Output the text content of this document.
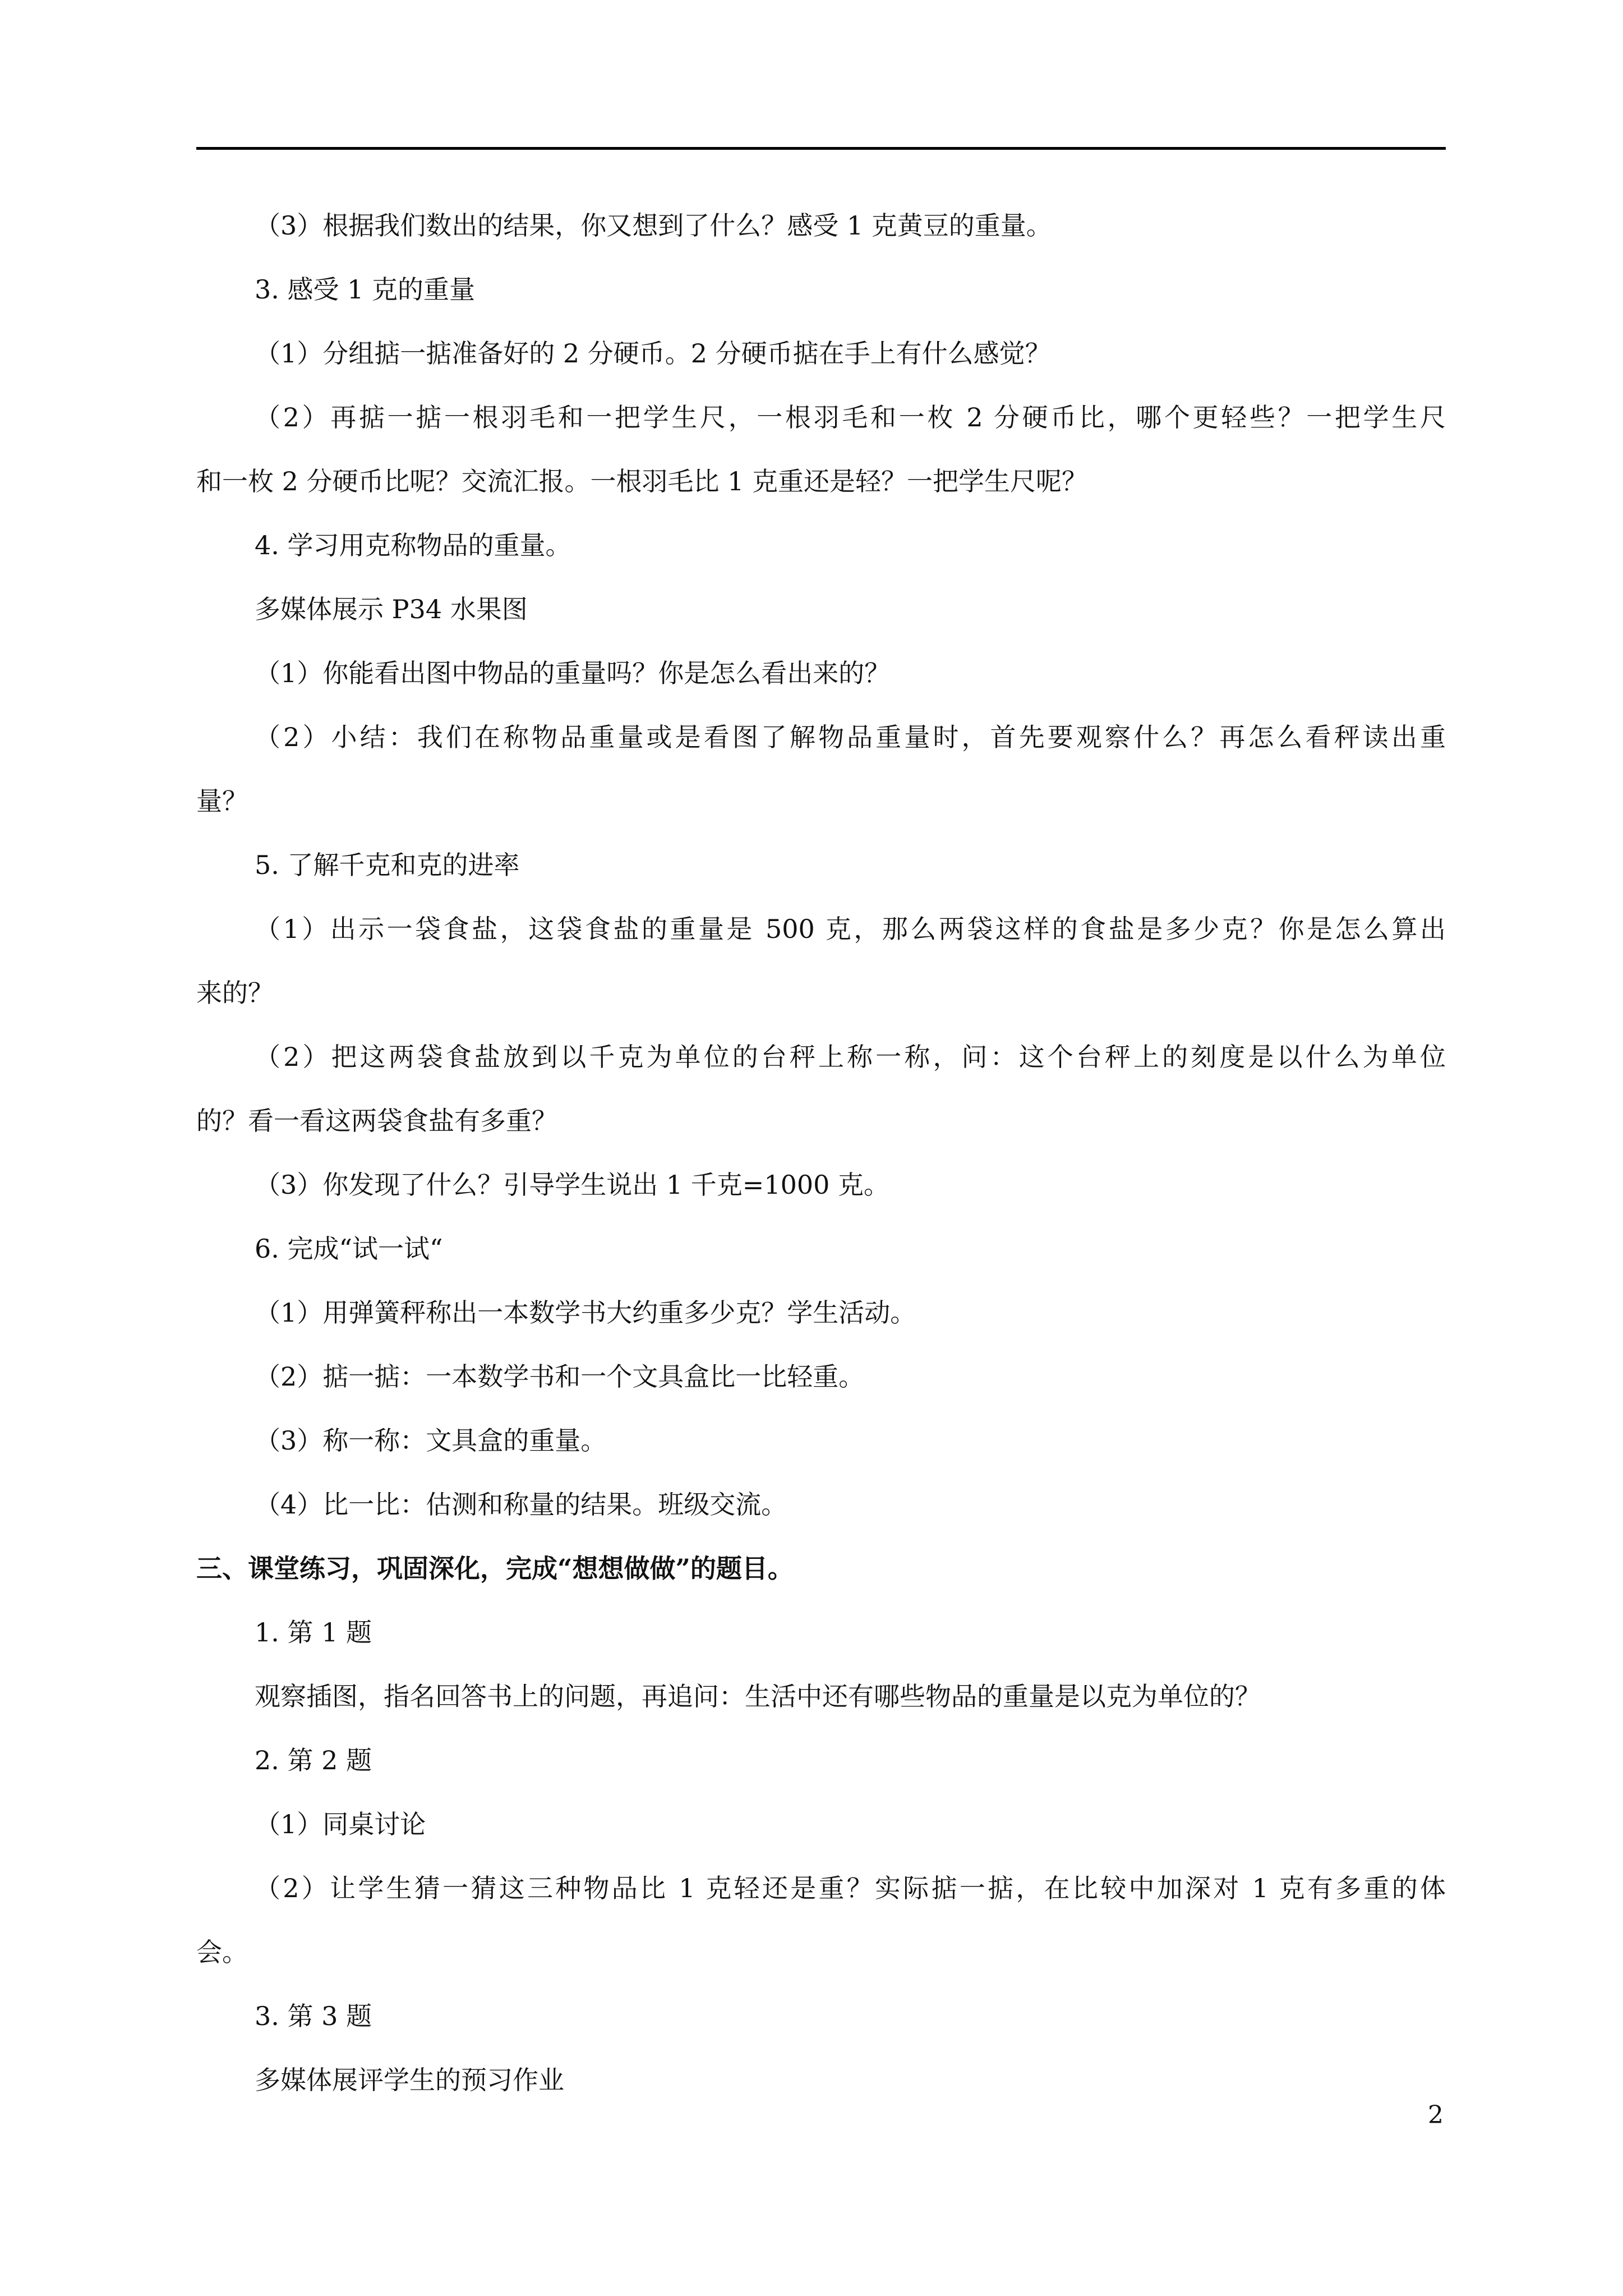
（3）根据我们数出的结果，你又想到了什么？感受 1 克黄豆的重量。
3. 感受 1 克的重量
（1）分组掂一掂准备好的 2 分硬币。2 分硬币掂在手上有什么感觉？
（2）再掂一掂一根羽毛和一把学生尺，一根羽毛和一枚 2 分硬币比，哪个更轻些？一把学生尺
和一枚 2 分硬币比呢？交流汇报。一根羽毛比 1 克重还是轻？一把学生尺呢？
4. 学习用克称物品的重量。
多媒体展示 P34 水果图
（1）你能看出图中物品的重量吗？你是怎么看出来的？
（2）小结：我们在称物品重量或是看图了解物品重量时，首先要观察什么？再怎么看秤读出重
量？
5. 了解千克和克的进率
（1）出示一袋食盐，这袋食盐的重量是 500 克，那么两袋这样的食盐是多少克？你是怎么算出
来的？
（2）把这两袋食盐放到以千克为单位的台秤上称一称，问：这个台秤上的刻度是以什么为单位
的？看一看这两袋食盐有多重？
（3）你发现了什么？引导学生说出 1 千克=1000 克。
6. 完成“试一试“
（1）用弹簧秤称出一本数学书大约重多少克？学生活动。
（2）掂一掂：一本数学书和一个文具盒比一比轻重。
（3）称一称：文具盒的重量。
（4）比一比：估测和称量的结果。班级交流。
三、课堂练习，巩固深化，完成“想想做做”的题目。
1. 第 1 题
观察插图，指名回答书上的问题，再追问：生活中还有哪些物品的重量是以克为单位的？
2. 第 2 题
（1）同桌讨论
（2）让学生猜一猜这三种物品比 1 克轻还是重？实际掂一掂，在比较中加深对 1 克有多重的体
会。
3. 第 3 题
多媒体展评学生的预习作业
2
